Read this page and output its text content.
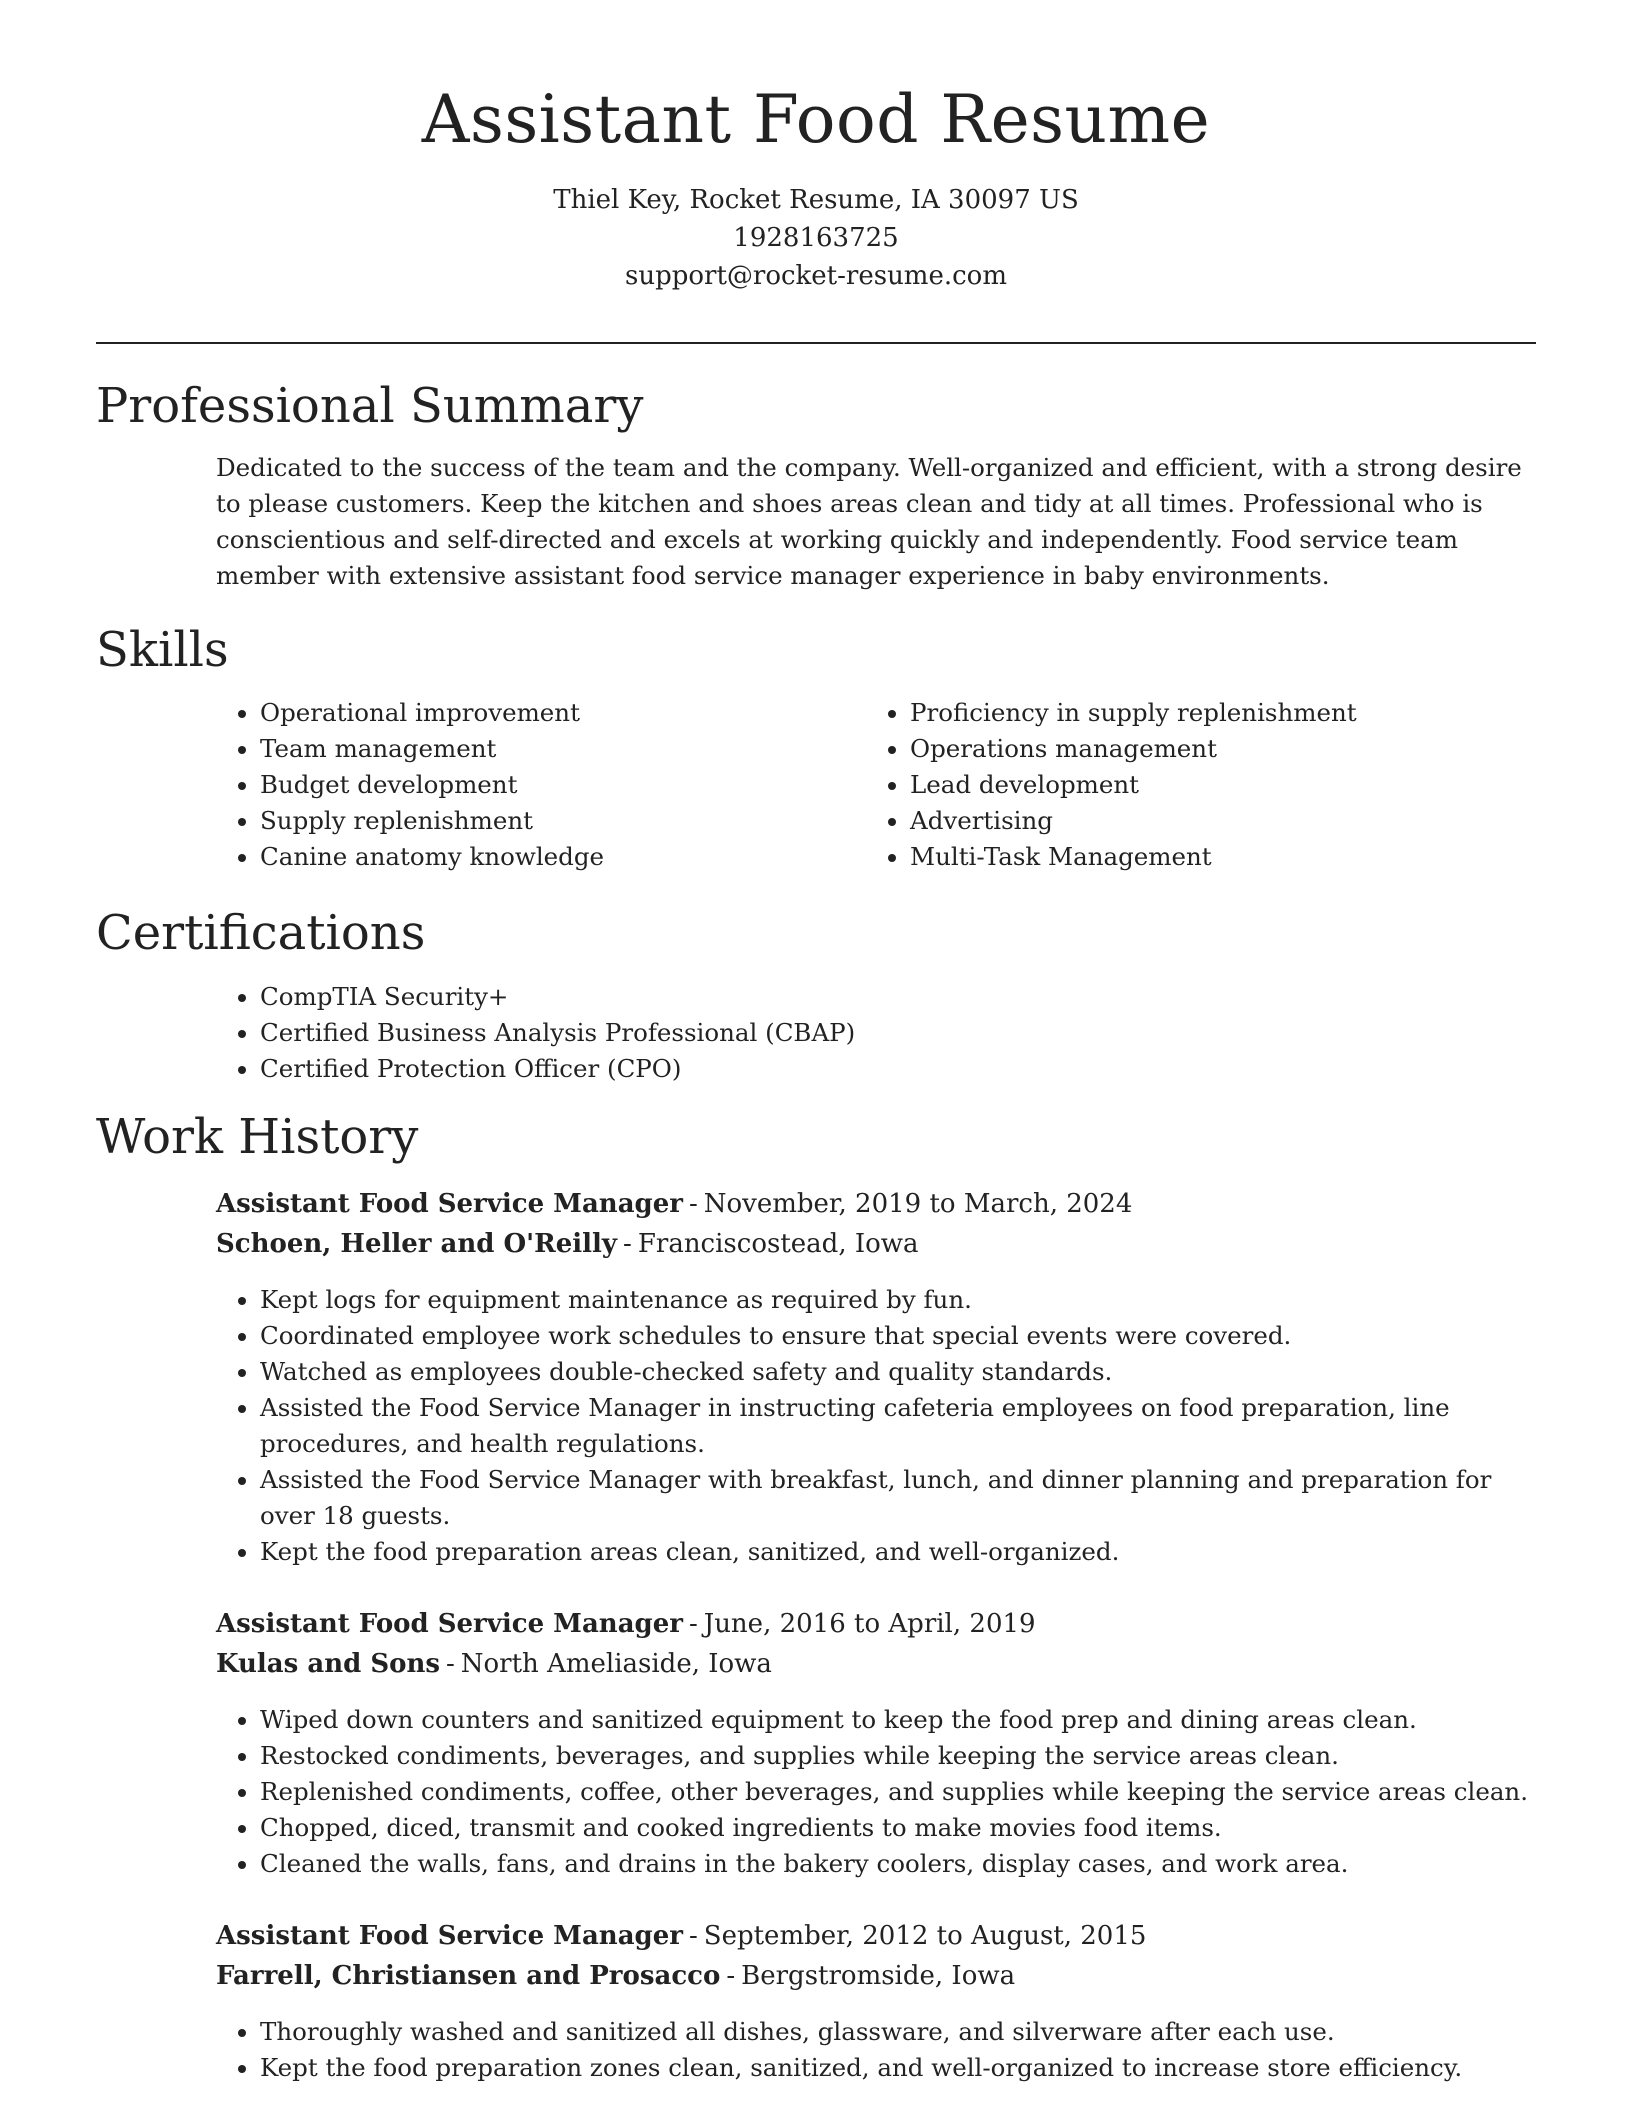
Assistant Food Resume
Thiel Key, Rocket Resume, IA 30097 US
1928163725
support@rocket-resume.com
Professional Summary

Dedicated to the success of the team and the company. Well-organized and efficient, with a strong desire to please customers. Keep the kitchen and shoes areas clean and tidy at all times. Professional who is conscientious and self-directed and excels at working quickly and independently. Food service team member with extensive assistant food service manager experience in baby environments.

Skills
• Operational improvement
• Team management
• Budget development
• Supply replenishment
• Canine anatomy knowledge
• Proficiency in supply replenishment
• Operations management
• Lead development
• Advertising
• Multi-Task Management
Certifications
• CompTIA Security+
• Certified Business Analysis Professional (CBAP)
• Certified Protection Officer (CPO)
Work History
Assistant Food Service Manager - November, 2019 to March, 2024
Schoen, Heller and O'Reilly - Franciscostead, Iowa
• Kept logs for equipment maintenance as required by fun.
• Coordinated employee work schedules to ensure that special events were covered.
• Watched as employees double-checked safety and quality standards.
• Assisted the Food Service Manager in instructing cafeteria employees on food preparation, line procedures, and health regulations.
• Assisted the Food Service Manager with breakfast, lunch, and dinner planning and preparation for over 18 guests.
• Kept the food preparation areas clean, sanitized, and well-organized.
Assistant Food Service Manager - June, 2016 to April, 2019
Kulas and Sons - North Ameliaside, Iowa
• Wiped down counters and sanitized equipment to keep the food prep and dining areas clean.
• Restocked condiments, beverages, and supplies while keeping the service areas clean.
• Replenished condiments, coffee, other beverages, and supplies while keeping the service areas clean.
• Chopped, diced, transmit and cooked ingredients to make movies food items.
• Cleaned the walls, fans, and drains in the bakery coolers, display cases, and work area.
Assistant Food Service Manager - September, 2012 to August, 2015
Farrell, Christiansen and Prosacco - Bergstromside, Iowa
• Thoroughly washed and sanitized all dishes, glassware, and silverware after each use.
• Kept the food preparation zones clean, sanitized, and well-organized to increase store efficiency.
